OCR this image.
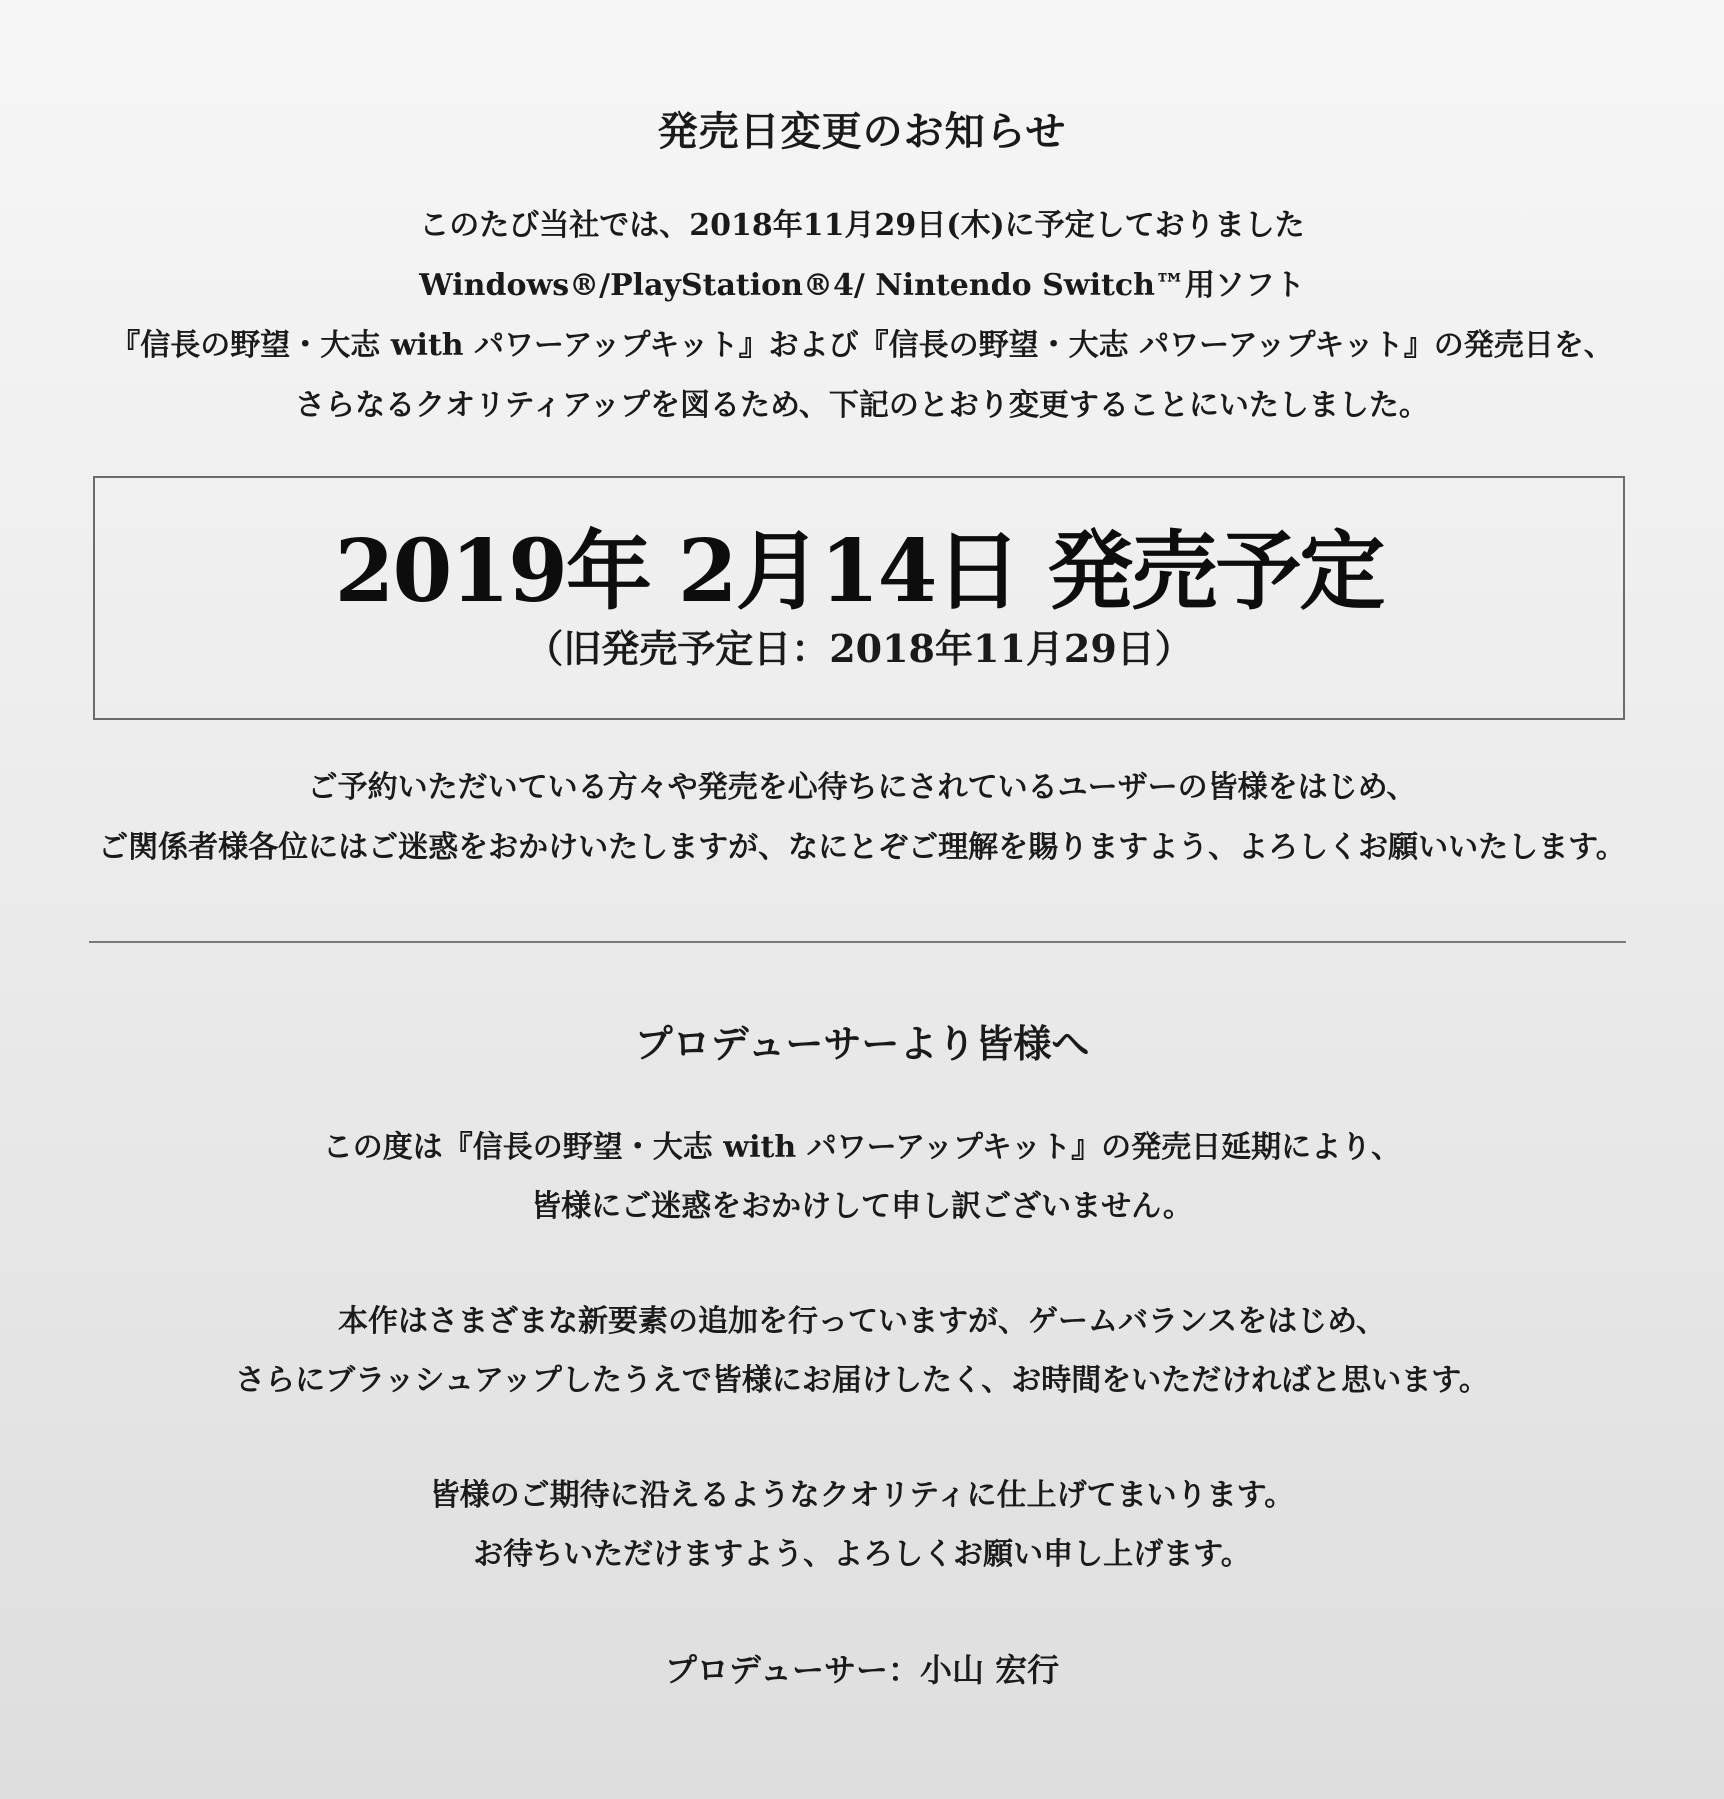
発売日変更のお知らせ
このたび当社では、2018年11月29日(木)に予定しておりました
Windows®/PlayStation®4/ Nintendo Switch™用ソフト
『信長の野望・大志 with パワーアップキット』および『信長の野望・大志 パワーアップキット』の発売日を、
さらなるクオリティアップを図るため、下記のとおり変更することにいたしました。
2019年 2月14日 発売予定
（旧発売予定日：2018年11月29日）
ご予約いただいている方々や発売を心待ちにされているユーザーの皆様をはじめ、
ご関係者様各位にはご迷惑をおかけいたしますが、なにとぞご理解を賜りますよう、よろしくお願いいたします。
プロデューサーより皆様へ
この度は『信長の野望・大志 with パワーアップキット』の発売日延期により、
皆様にご迷惑をおかけして申し訳ございません。
本作はさまざまな新要素の追加を行っていますが、ゲームバランスをはじめ、
さらにブラッシュアップしたうえで皆様にお届けしたく、お時間をいただければと思います。
皆様のご期待に沿えるようなクオリティに仕上げてまいります。
お待ちいただけますよう、よろしくお願い申し上げます。
プロデューサー：小山 宏行
